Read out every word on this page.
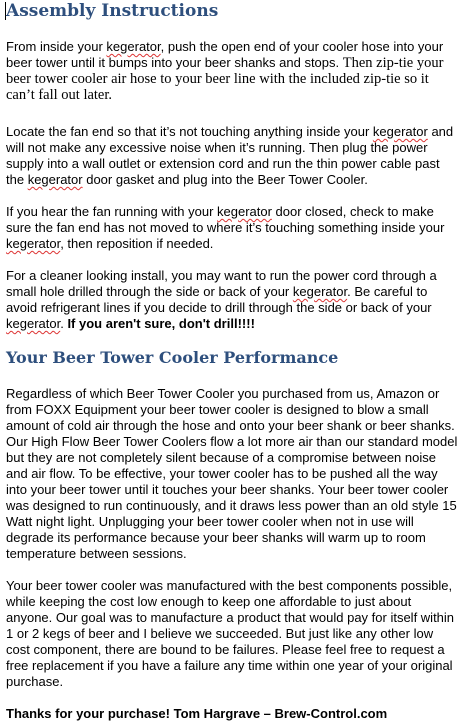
Assembly Instructions

From inside your kegerator, push the open end of your cooler hose into your beer tower until it bumps into your beer shanks and stops. Then zip-tie your beer tower cooler air hose to your beer line with the included zip-tie so it can’t fall out later.

Locate the fan end so that it’s not touching anything inside your kegerator and will not make any excessive noise when it’s running. Then plug the power supply into a wall outlet or extension cord and run the thin power cable past the kegerator door gasket and plug into the Beer Tower Cooler.

If you hear the fan running with your kegerator door closed, check to make sure the fan end has not moved to where it’s touching something inside your kegerator, then reposition if needed.

For a cleaner looking install, you may want to run the power cord through a small hole drilled through the side or back of your kegerator. Be careful to avoid refrigerant lines if you decide to drill through the side or back of your kegerator. If you aren't sure, don't drill!!!!

Your Beer Tower Cooler Performance

Regardless of which Beer Tower Cooler you purchased from us, Amazon or from FOXX Equipment your beer tower cooler is designed to blow a small amount of cold air through the hose and onto your beer shank or beer shanks. Our High Flow Beer Tower Coolers flow a lot more air than our standard model but they are not completely silent because of a compromise between noise and air flow. To be effective, your tower cooler has to be pushed all the way into your beer tower until it touches your beer shanks. Your beer tower cooler was designed to run continuously, and it draws less power than an old style 15 Watt night light. Unplugging your beer tower cooler when not in use will degrade its performance because your beer shanks will warm up to room temperature between sessions.

Your beer tower cooler was manufactured with the best components possible, while keeping the cost low enough to keep one affordable to just about anyone. Our goal was to manufacture a product that would pay for itself within 1 or 2 kegs of beer and I believe we succeeded. But just like any other low cost component, there are bound to be failures. Please feel free to request a free replacement if you have a failure any time within one year of your original purchase.

Thanks for your purchase! Tom Hargrave – Brew-Control.com
